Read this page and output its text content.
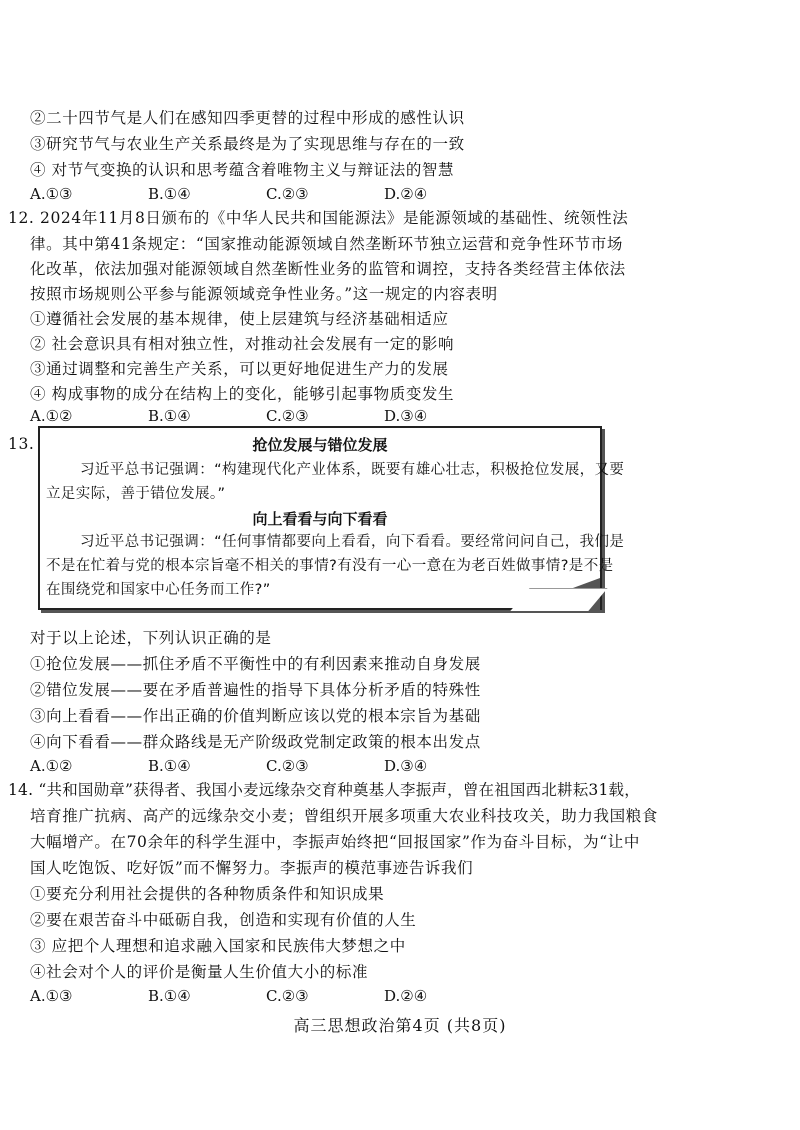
②二十四节气是人们在感知四季更替的过程中形成的感性认识
③研究节气与农业生产关系最终是为了实现思维与存在的一致
④ 对节气变换的认识和思考蕴含着唯物主义与辩证法的智慧
A.①③	B.①④	C.②③	D.②④
12. 2024年11月8日颁布的《中华人民共和国能源法》是能源领域的基础性、统领性法
律。其中第41条规定：“国家推动能源领域自然垄断环节独立运营和竞争性环节市场
化改革，依法加强对能源领域自然垄断性业务的监管和调控，支持各类经营主体依法
按照市场规则公平参与能源领域竞争性业务。”这一规定的内容表明
①遵循社会发展的基本规律，使上层建筑与经济基础相适应
② 社会意识具有相对独立性，对推动社会发展有一定的影响
③通过调整和完善生产关系，可以更好地促进生产力的发展
④ 构成事物的成分在结构上的变化，能够引起事物质变发生
A.①②	B.①④	C.②③	D.③④
13.	抢位发展与错位发展
习近平总书记强调：“构建现代化产业体系，既要有雄心壮志，积极抢位发展，又要
立足实际，善于错位发展。”
向上看看与向下看看
习近平总书记强调：“任何事情都要向上看看，向下看看。要经常问问自己，我们是
不是在忙着与党的根本宗旨毫不相关的事情?有没有一心一意在为老百姓做事情?是不是
在围绕党和国家中心任务而工作?”
对于以上论述，下列认识正确的是
①抢位发展——抓住矛盾不平衡性中的有利因素来推动自身发展
②错位发展——要在矛盾普遍性的指导下具体分析矛盾的特殊性
③向上看看——作出正确的价值判断应该以党的根本宗旨为基础
④向下看看——群众路线是无产阶级政党制定政策的根本出发点
A.①②	B.①④	C.②③	D.③④
14. “共和国勋章”获得者、我国小麦远缘杂交育种奠基人李振声，曾在祖国西北耕耘31载，
培育推广抗病、高产的远缘杂交小麦；曾组织开展多项重大农业科技攻关，助力我国粮食
大幅增产。在70余年的科学生涯中，李振声始终把“回报国家”作为奋斗目标，为“让中
国人吃饱饭、吃好饭”而不懈努力。李振声的模范事迹告诉我们
①要充分利用社会提供的各种物质条件和知识成果
②要在艰苦奋斗中砥砺自我，创造和实现有价值的人生
③ 应把个人理想和追求融入国家和民族伟大梦想之中
④社会对个人的评价是衡量人生价值大小的标准
A.①③	B.①④	C.②③	D.②④
高三思想政治第4页 (共8页)
